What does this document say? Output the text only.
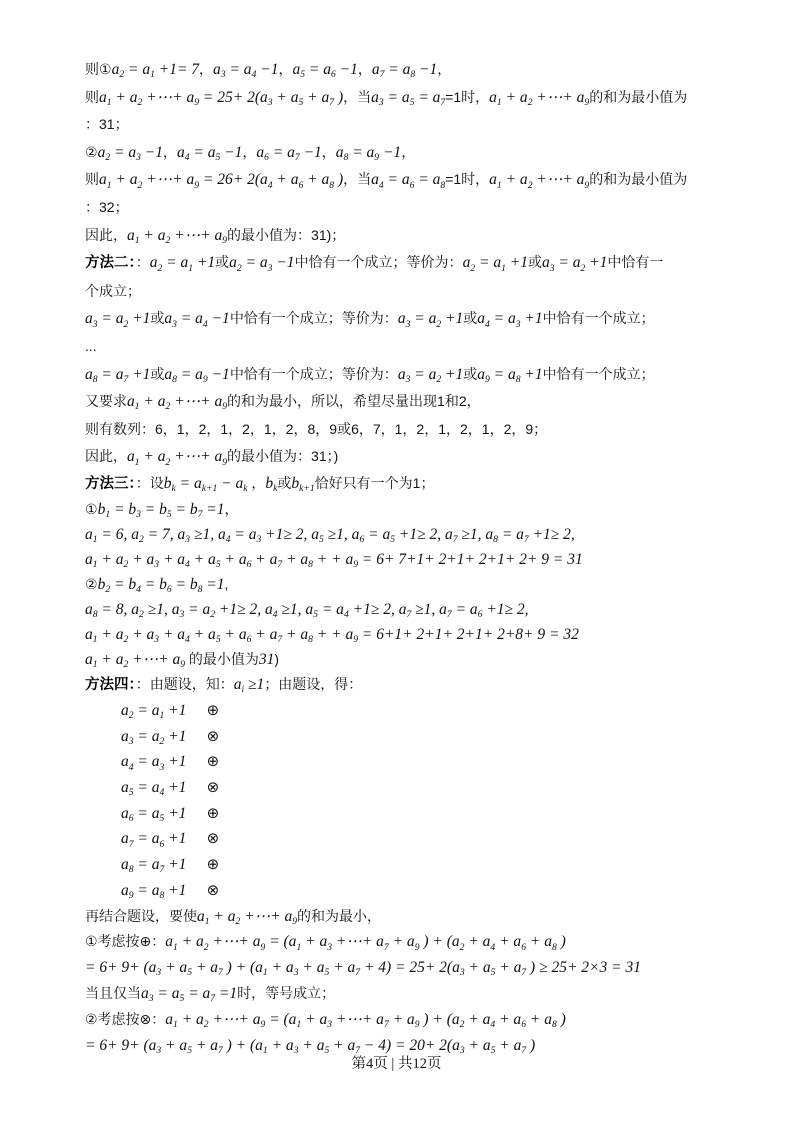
则$①a_2 = a_1 +1= 7$，$a_3 = a_4 -1$，$a_5 = a_6 -1$，$a_7 = a_8 -1$，
则$a_1 + a_2$ +⋯+ $a_9 = 25+ 2(a_3 + a_5 + a_7$ )，当$a_3 = a_5 = a_7=1$时，$a_1 + a_2$ +⋯+ $a_9$的和为最小值为
：31；
$②a_2 = a_3 -1$，$a_4 = a_5 -1$，$a_6 = a_7 -1$，$a_8 = a_9 -1$，
则$a_1 + a_2$ +⋯+ $a_9 = 26+ 2(a_4 + a_6 + a_8$ )，当$a_4 = a_6 = a_8=1$时，$a_1 + a_2$ +⋯+ $a_9$的和为最小值为
：32；
因此，$a_1 + a_2$ +⋯+ $a_9$的最小值为：31)；
方法二：：$a_2 = a_1 +1$或$a_2 = a_3 -1$中恰有一个成立；等价为：$a_2 = a_1 +1$或$a_3 = a_2 +1$中恰有一
个成立；
$a_3 = a_2 +1$或$a_3 = a_4 -1$中恰有一个成立；等价为：$a_3 = a_2 +1$或$a_4 = a_3 +1$中恰有一个成立；
...
$a_8 = a_7 +1$或$a_8 = a_9 -1$中恰有一个成立；等价为：$a_3 = a_2 +1$或$a_9 = a_8 +1$中恰有一个成立；
又要求$a_1 + a_2$ +⋯+ $a_9$的和为最小，所以，希望尽量出现1和2，
则有数列：6，1，2，1，2，1，2，8，9或6，7，1，2，1，2，1，2，9；
因此，$a_1 + a_2$ +⋯+ $a_9$的最小值为：31；)
方法三：：设$b_k = a_{k+1} - a_k$ ，$b_k$或$b_{k+1}$恰好只有一个为1；
$①b_1 = b_3 = b_5 = b_7 =1$，
$a_1 = 6$, $a_2 = 7$, $a_3 \ge 1$, $a_4 = a_3 +1\ge 2$, $a_5 \ge 1$, $a_6 = a_5 +1\ge 2$, $a_7 \ge 1$, $a_8 = a_7 +1\ge 2$,
$a_1 + a_2 + a_3 + a_4 + a_5 + a_6 + a_7 + a_8$ + + $a_9 = 6+ 7+1+ 2+1+ 2+1+ 2+ 9 = 31$
$②b_2 = b_4 = b_6 = b_8 =1$,
$a_8 = 8$, $a_2 \ge 1$, $a_3 = a_2 +1\ge 2$, $a_4 \ge 1$, $a_5 = a_4 +1\ge 2$, $a_7 \ge 1$, $a_7 = a_6 +1\ge 2$,
$a_1 + a_2 + a_3 + a_4 + a_5 + a_6 + a_7 + a_8$ + + $a_9 = 6+1+ 2+1+ 2+1+ 2+8+ 9 = 32$
$a_1 + a_2$ +⋯+ $a_9$ 的最小值为31)
方法四：：由题设，知：$a_i \ge 1$；由题设，得：
$a_2 = a_1 +1$ ⊕
$a_3 = a_2 +1$ ⊗
$a_4 = a_3 +1$ ⊕
$a_5 = a_4 +1$ ⊗
$a_6 = a_5 +1$ ⊕
$a_7 = a_6 +1$ ⊗
$a_8 = a_7 +1$ ⊕
$a_9 = a_8 +1$ ⊗
再结合题设，要使$a_1 + a_2$ +⋯+ $a_9$的和为最小，
①考虑按⊕：$a_1 + a_2$ +⋯+ $a_9 = (a_1 + a_3$ +⋯+ $a_7 + a_9$ ) + ($a_2 + a_4 + a_6 + a_8$ )
= $6+ 9+ (a_3 + a_5 + a_7$ ) + $(a_1 + a_3 + a_5 + a_7 + 4) = 25+ 2(a_3 + a_5 + a_7$ ) ≥ 25+ 2×3 = 31
当且仅当$a_3 = a_5 = a_7 =1$时，等号成立；
②考虑按⊗：$a_1 + a_2$ +⋯+ $a_9 = (a_1 + a_3$ +⋯+ $a_7 + a_9$ ) + ($a_2 + a_4 + a_6 + a_8$ )
= $6+ 9+ (a_3 + a_5 + a_7$ ) + $(a_1 + a_3 + a_5 + a_7 - 4) = 20+ 2(a_3 + a_5 + a_7$ )
第4页 | 共12页
